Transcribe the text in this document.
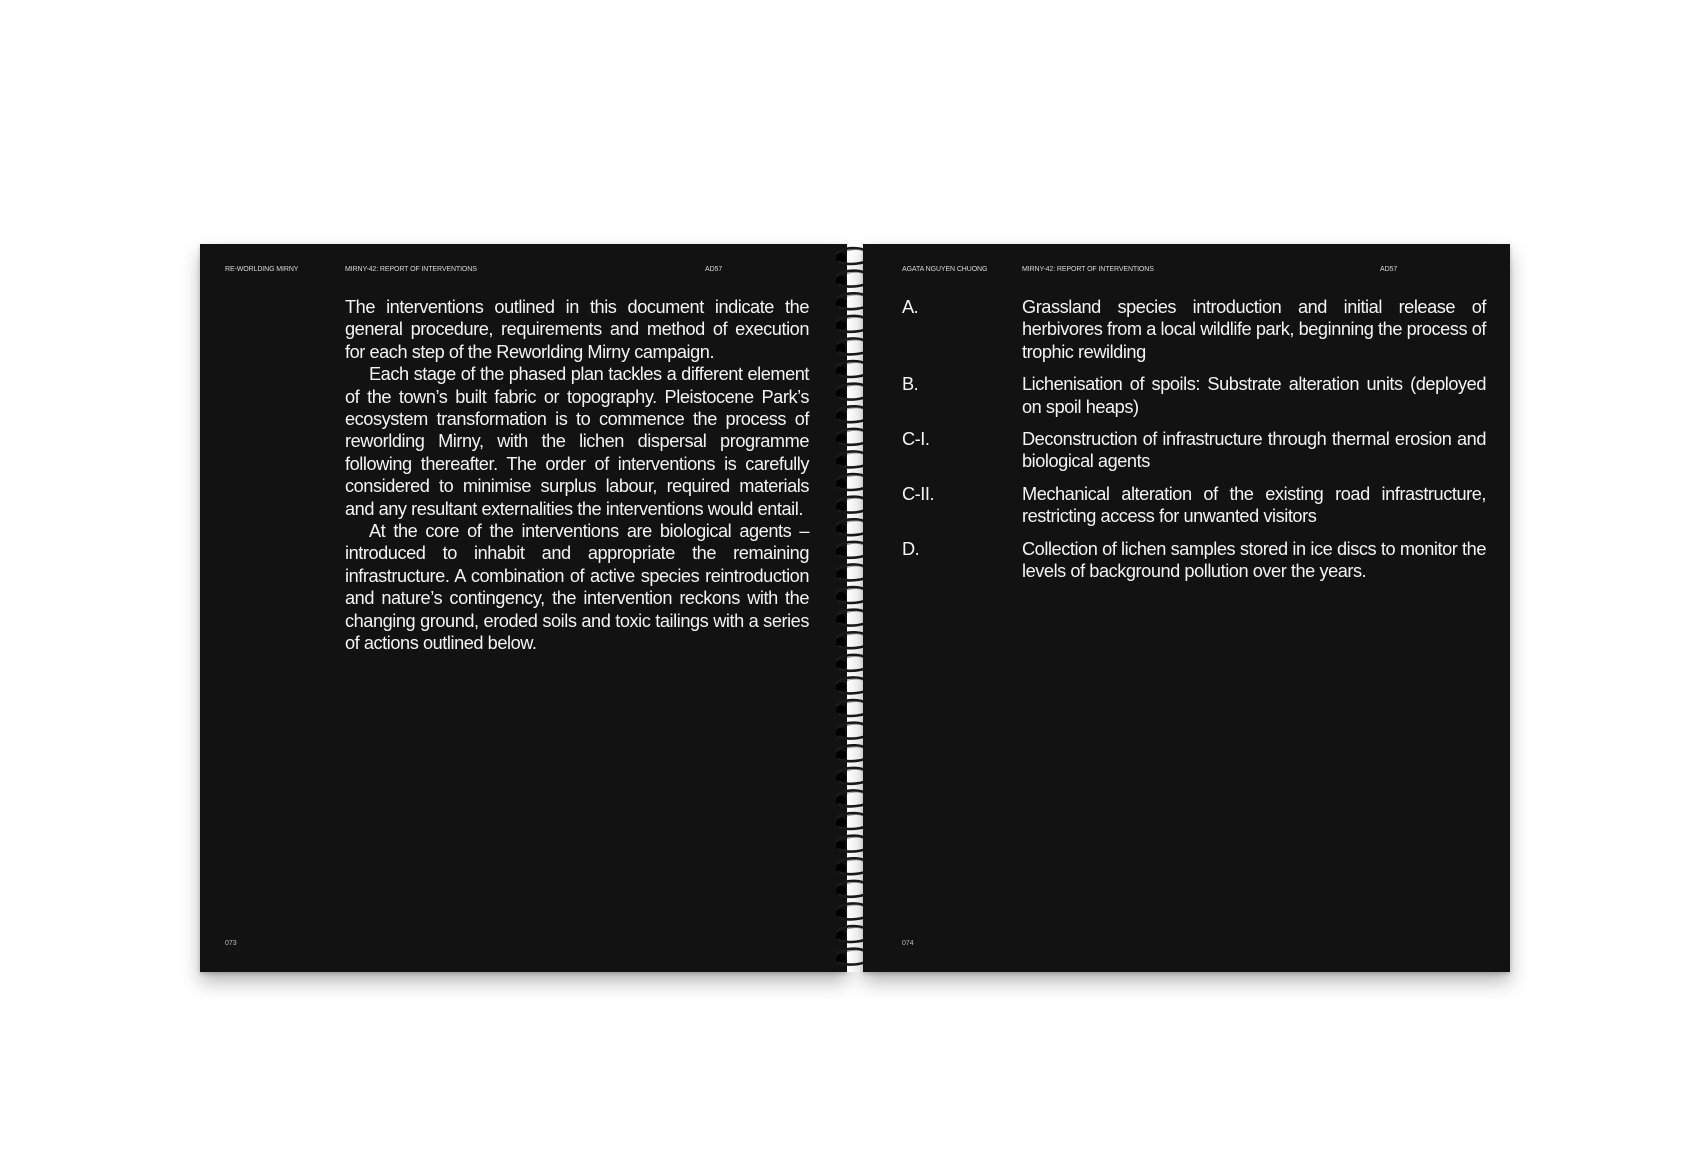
RE-WORLDING MIRNY	MIRNY-42: REPORT OF INTERVENTIONS	AD57

The interventions outlined in this document indicate the general procedure, requirements and method of execution for each step of the Reworlding Mirny campaign.

Each stage of the phased plan tackles a different element of the town’s built fabric or topography. Pleistocene Park’s ecosystem transformation is to commence the process of reworlding Mirny, with the lichen dispersal programme following thereafter. The order of interventions is carefully considered to minimise surplus labour, required materials and any resultant externalities the interventions would entail.

At the core of the interventions are biological agents – introduced to inhabit and appropriate the remaining infrastructure. A combination of active species reintroduction and nature’s contingency, the intervention reckons with the changing ground, eroded soils and toxic tailings with a series of actions outlined below.

073
AGATA NGUYEN CHUONG	MIRNY-42: REPORT OF INTERVENTIONS	AD57
A.	Grassland species introduction and initial release of herbivores from a local wildlife park, beginning the process of trophic rewilding
B.	Lichenisation of spoils: Substrate alteration units (deployed on spoil heaps)
C-I.	Deconstruction of infrastructure through thermal erosion and biological agents
C-II.	Mechanical alteration of the existing road infrastructure, restricting access for unwanted visitors
D.	Collection of lichen samples stored in ice discs to monitor the levels of background pollution over the years.
074
